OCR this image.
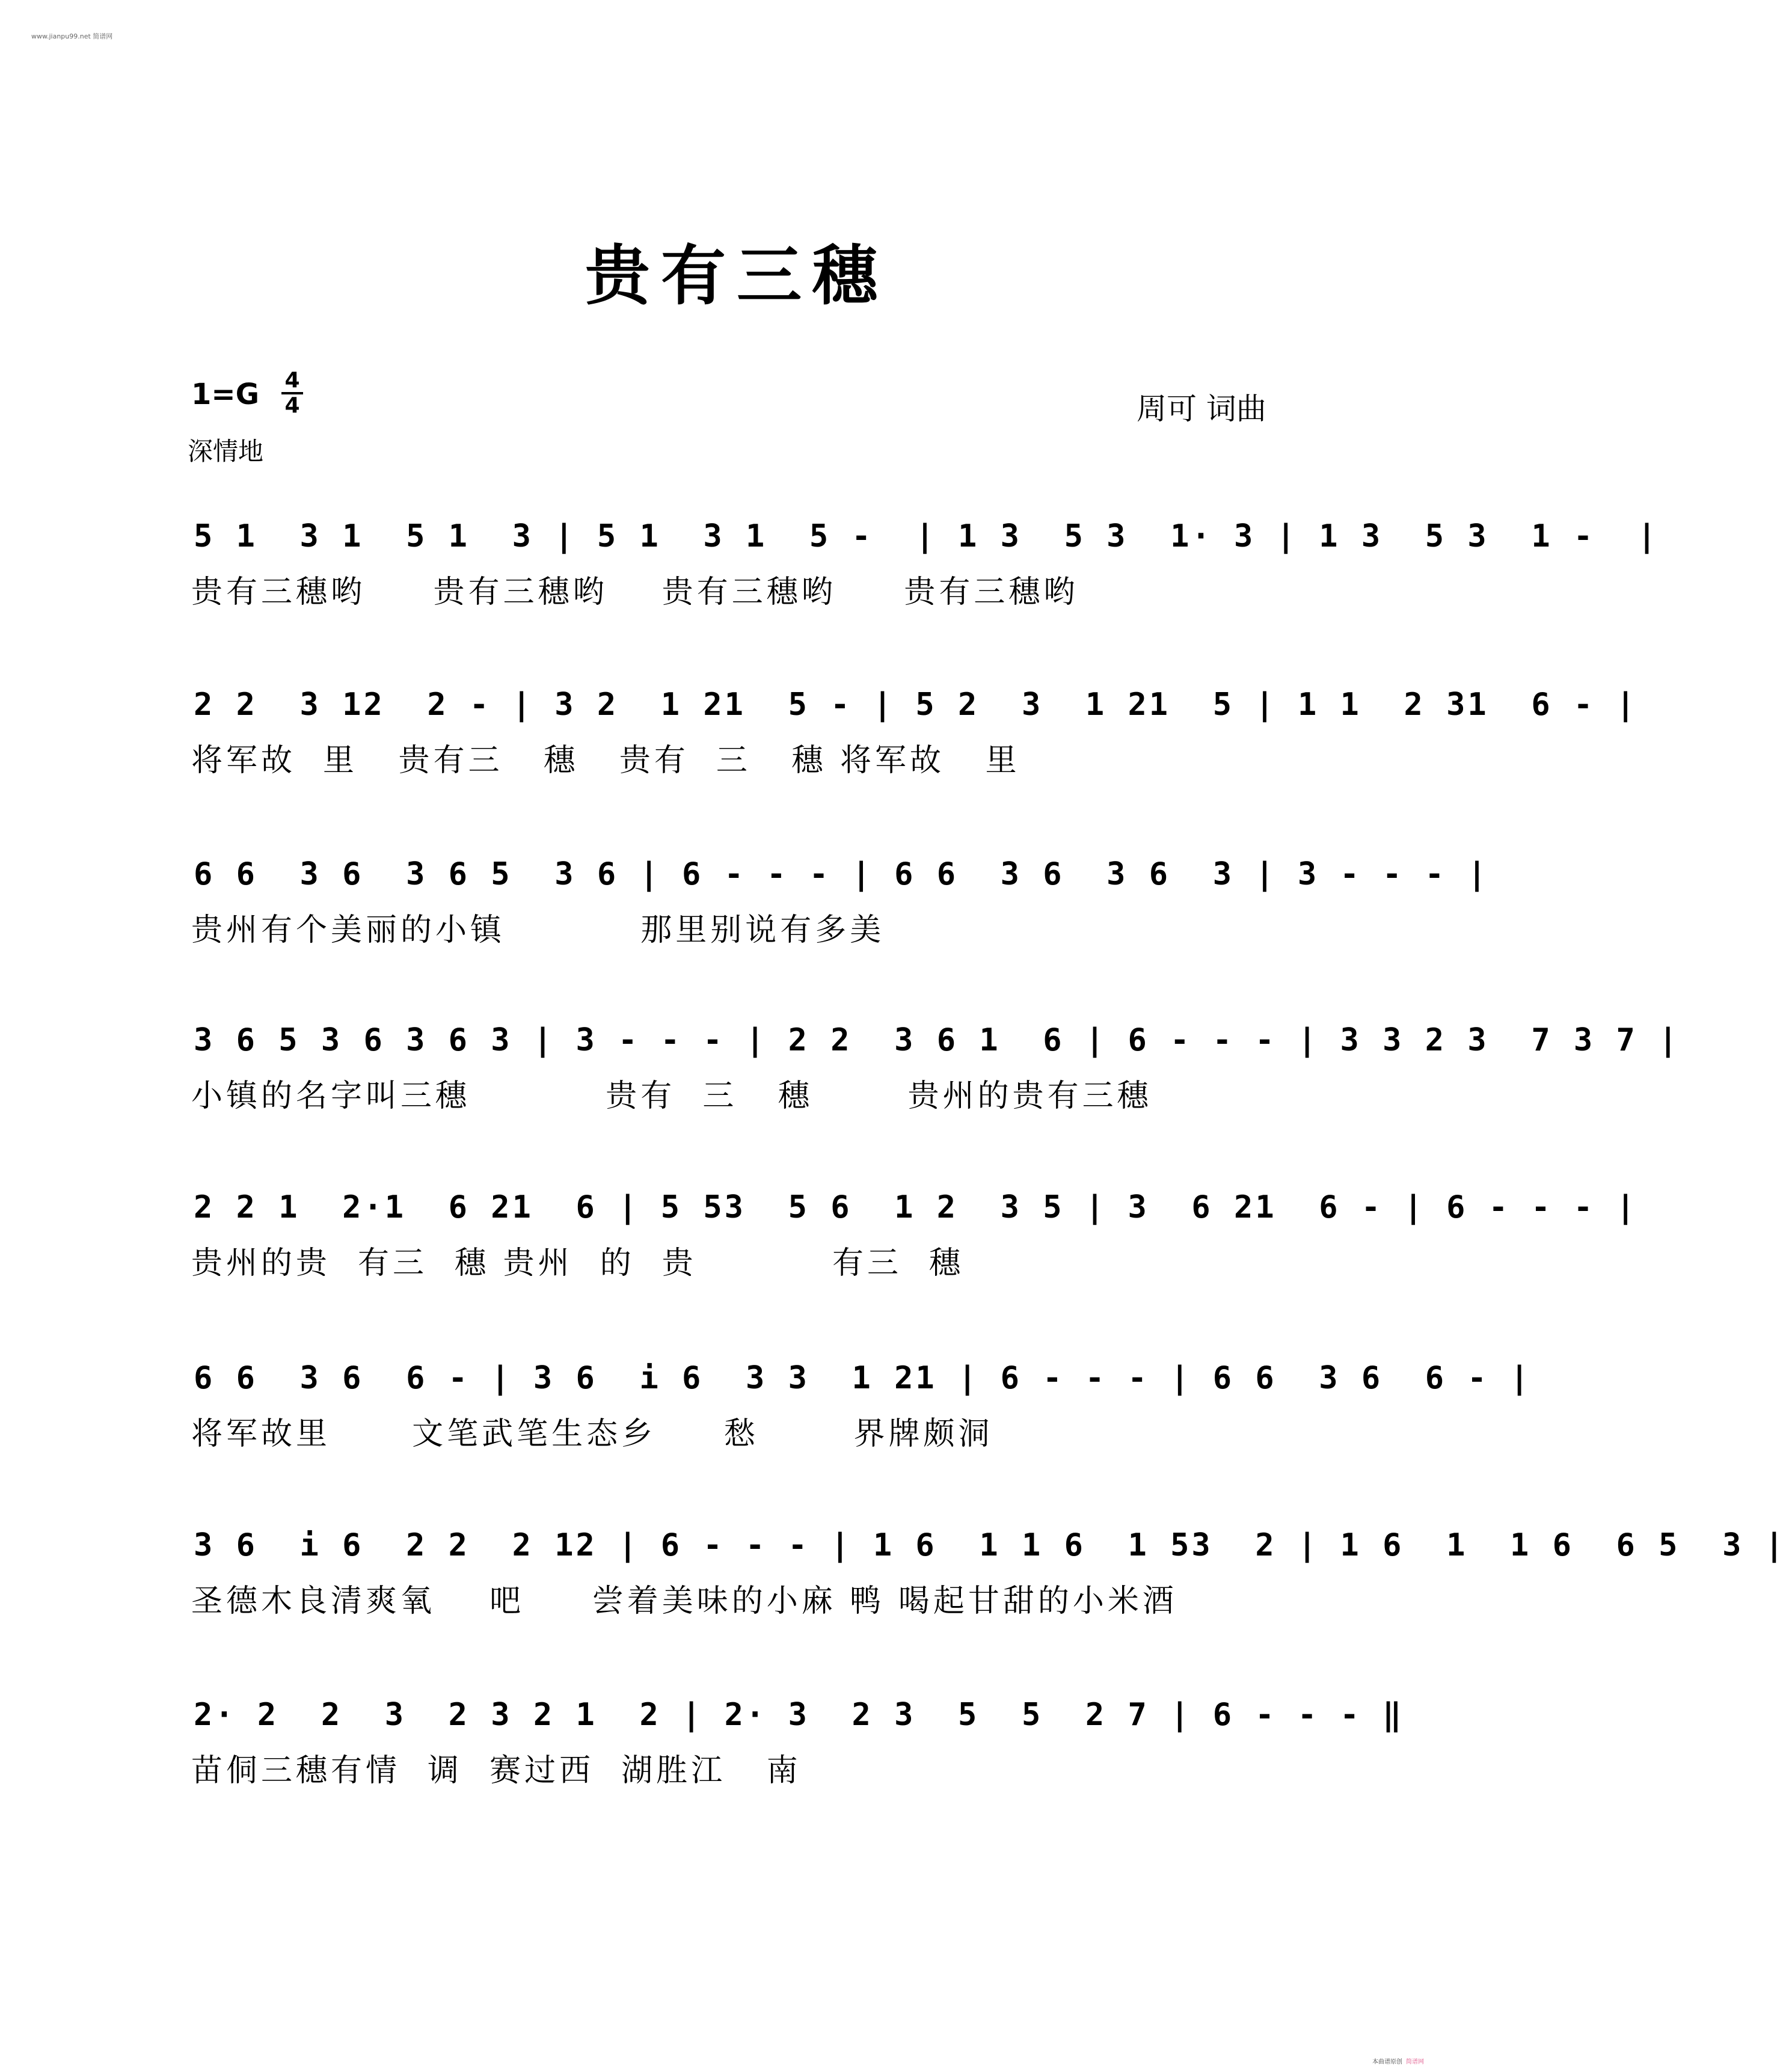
www.jianpu99.net 简谱网
贵有三穗
1=G 4
4
深情地
周可 词曲
5 1  3 1  5 1  3 | 5 1  3 1  5 -  | 1 3  5 3  1· 3 | 1 3  5 3  1 -  |
贵有三穗哟     贵有三穗哟    贵有三穗哟     贵有三穗哟
2 2  3 12  2 - | 3 2  1 21  5 - | 5 2  3  1 21  5 | 1 1  2 31  6 - |
将军故  里   贵有三   穗   贵有  三   穗 将军故   里
6 6  3 6  3 6 5  3 6 | 6 - - - | 6 6  3 6  3 6  3 | 3 - - - |
贵州有个美丽的小镇          那里别说有多美
3 6 5 3 6 3 6 3 | 3 - - - | 2 2  3 6 1  6 | 6 - - - | 3 3 2 3  7 3 7 |
小镇的名字叫三穗          贵有  三   穗       贵州的贵有三穗
2 2 1  2·1  6 21  6 | 5 53  5 6  1 2  3 5 | 3  6 21  6 - | 6 - - - |
贵州的贵  有三  穗 贵州  的  贵          有三  穗
6 6  3 6  6 - | 3 6  i 6  3 3  1 21 | 6 - - - | 6 6  3 6  6 - |
将军故里      文笔武笔生态乡     愁       界牌颇洞
3 6  i 6  2 2  2 12 | 6 - - - | 1 6  1 1 6  1 53  2 | 1 6  1  1 6  6 5  3 |
圣德木良清爽氧    吧     尝着美味的小麻 鸭 喝起甘甜的小米酒
2· 2  2  3  2 3 2 1  2 | 2· 3  2 3  5  5  2 7 | 6 - - - ‖
苗侗三穗有情  调  赛过西  湖胜江   南
本曲谱原创 简谱网
